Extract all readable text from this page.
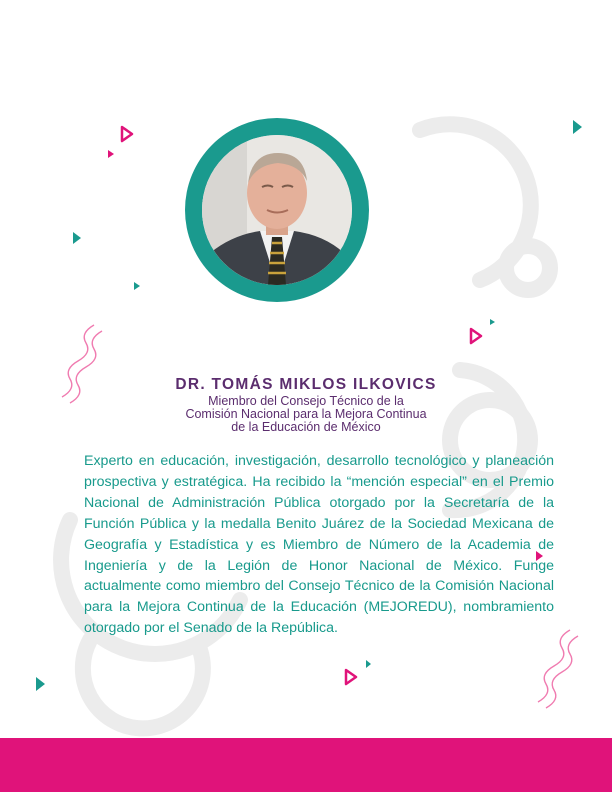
DR. TOMÁS MIKLOS ILKOVICS
Miembro del Consejo Técnico de la
Comisión Nacional para la Mejora Continua
de la Educación de México

Experto en educación, investigación, desarrollo tecnológico y planeación prospectiva y estratégica. Ha recibido la “mención especial” en el Premio Nacional de Administración Pública otorgado por la Secretaría de la Función Pública y la medalla Benito Juárez de la Sociedad Mexicana de Geografía y Estadística y es Miembro de Número de la Academia de Ingeniería y de la Legión de Honor Nacional de México. Funge actualmente como miembro del Consejo Técnico de la Comisión Nacional para la Mejora Continua de la Educación (MEJOREDU), nombramiento otorgado por el Senado de la República.
